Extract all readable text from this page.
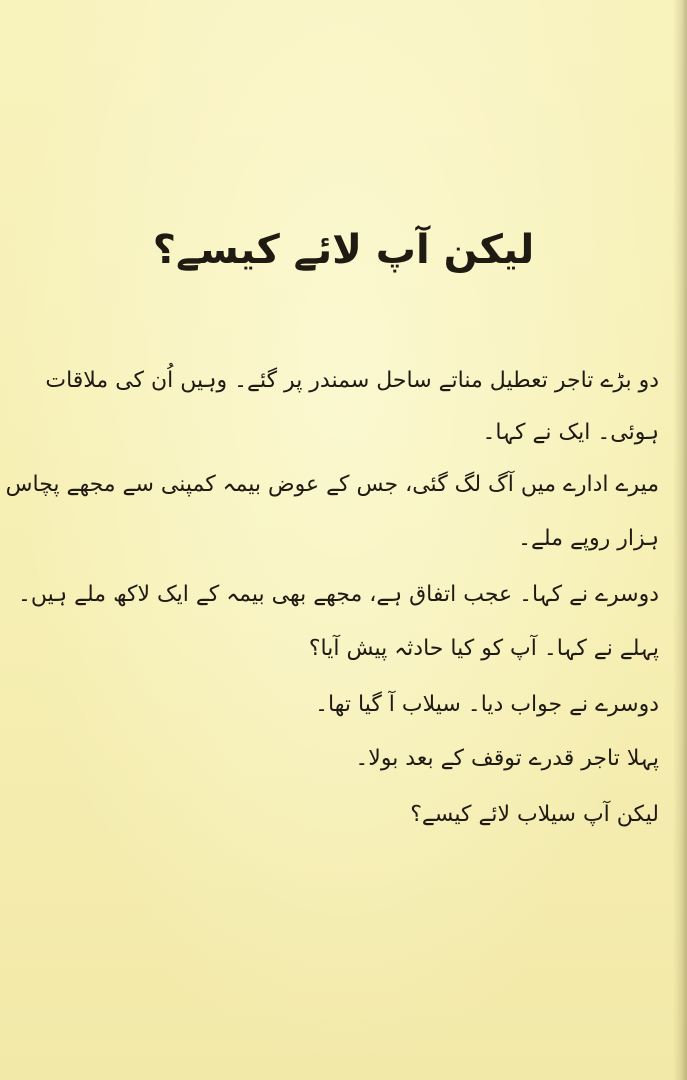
لیکن آپ لائے کیسے؟
دو بڑے تاجر تعطیل مناتے ساحل سمندر پر گئے۔ وہیں اُن کی ملاقات
ہوئی۔ ایک نے کہا۔
میرے ادارے میں آگ لگ گئی، جس کے عوض بیمہ کمپنی سے مجھے پچاس
ہزار روپے ملے۔
دوسرے نے کہا۔ عجب اتفاق ہے، مجھے بھی بیمہ کے ایک لاکھ ملے ہیں۔
پہلے نے کہا۔ آپ کو کیا حادثہ پیش آیا؟
دوسرے نے جواب دیا۔ سیلاب آ گیا تھا۔
پہلا تاجر قدرے توقف کے بعد بولا۔
لیکن آپ سیلاب لائے کیسے؟
